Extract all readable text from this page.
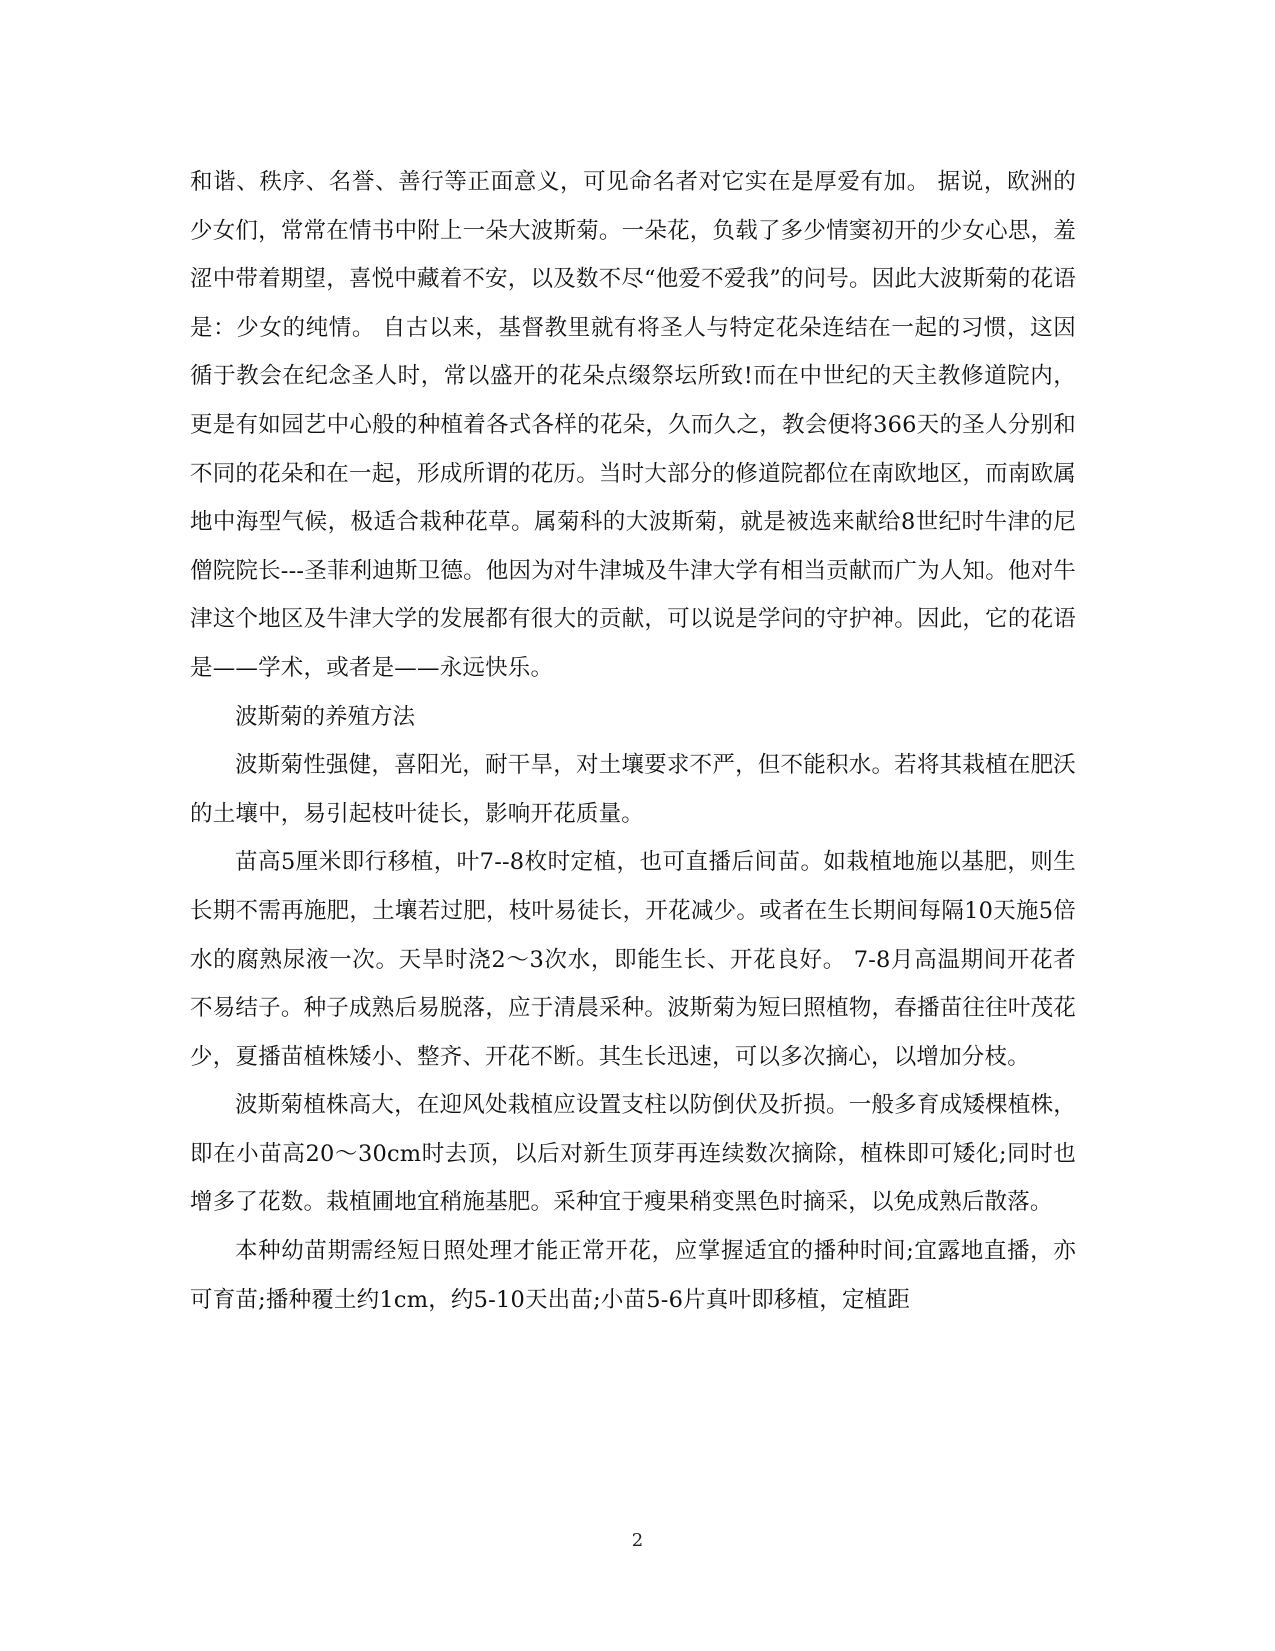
和谐、秩序、名誉、善行等正面意义，可见命名者对它实在是厚爱有加。 据说，欧洲的少女们，常常在情书中附上一朵大波斯菊。一朵花，负载了多少情窦初开的少女心思，羞涩中带着期望，喜悦中藏着不安，以及数不尽“他爱不爱我”的问号。因此大波斯菊的花语是：少女的纯情。 自古以来，基督教里就有将圣人与特定花朵连结在一起的习惯，这因循于教会在纪念圣人时，常以盛开的花朵点缀祭坛所致!而在中世纪的天主教修道院内，更是有如园艺中心般的种植着各式各样的花朵，久而久之，教会便将366天的圣人分别和不同的花朵和在一起，形成所谓的花历。当时大部分的修道院都位在南欧地区，而南欧属地中海型气候，极适合栽种花草。属菊科的大波斯菊，就是被选来献给8世纪时牛津的尼僧院院长---圣菲利迪斯卫德。他因为对牛津城及牛津大学有相当贡献而广为人知。他对牛津这个地区及牛津大学的发展都有很大的贡献，可以说是学问的守护神。因此，它的花语是——学术，或者是——永远快乐。

波斯菊的养殖方法

波斯菊性强健，喜阳光，耐干旱，对土壤要求不严，但不能积水。若将其栽植在肥沃的土壤中，易引起枝叶徒长，影响开花质量。

苗高5厘米即行移植，叶7--8枚时定植，也可直播后间苗。如栽植地施以基肥，则生长期不需再施肥，土壤若过肥，枝叶易徒长，开花减少。或者在生长期间每隔10天施5倍水的腐熟尿液一次。天旱时浇2～3次水，即能生长、开花良好。 7-8月高温期间开花者不易结子。种子成熟后易脱落，应于清晨采种。波斯菊为短曰照植物，春播苗往往叶茂花少，夏播苗植株矮小、整齐、开花不断。其生长迅速，可以多次摘心，以增加分枝。

波斯菊植株高大，在迎风处栽植应设置支柱以防倒伏及折损。一般多育成矮棵植株，即在小苗高20～30cm时去顶，以后对新生顶芽再连续数次摘除，植株即可矮化;同时也增多了花数。栽植圃地宜稍施基肥。采种宜于瘦果稍变黑色时摘采，以免成熟后散落。

本种幼苗期需经短日照处理才能正常开花，应掌握适宜的播种时间;宜露地直播，亦可育苗;播种覆土约1cm，约5-10天出苗;小苗5-6片真叶即移植，定植距

2
